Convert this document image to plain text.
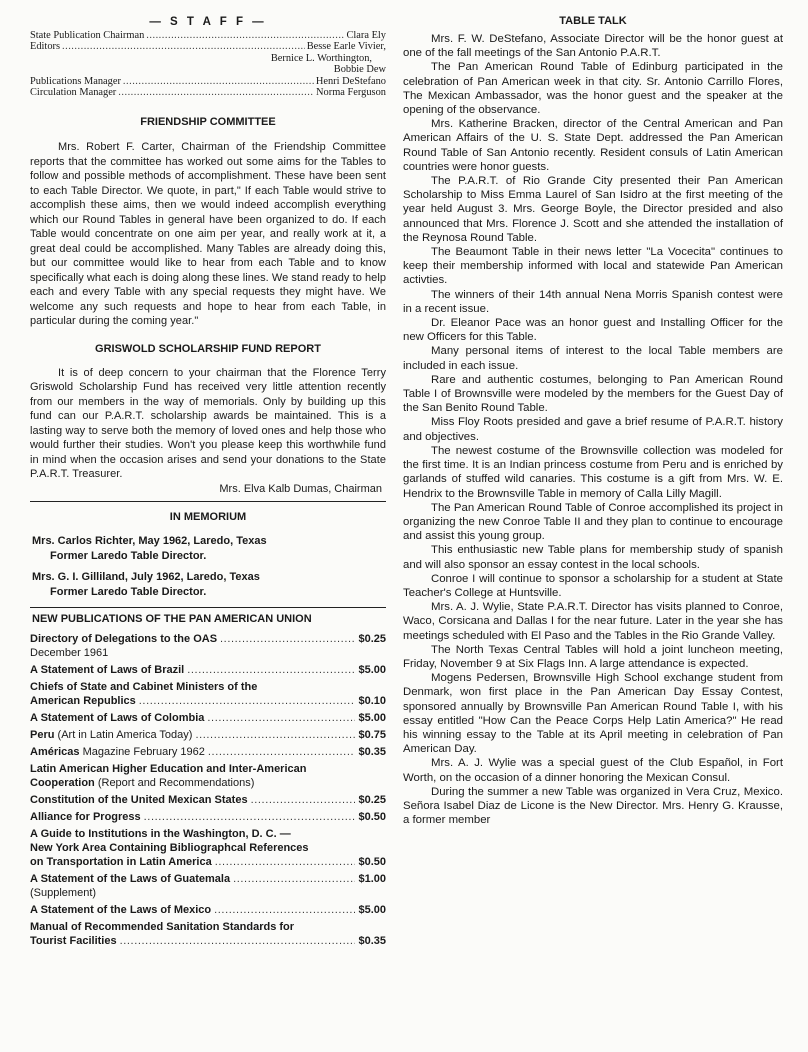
— S T A F F —
State Publication Chairman .....	Clara Ely
Editors .....	Besse Earle Vivier,
Bernice L. Worthington,
Bobbie Dew
Publications Manager .....	Henri DeStefano
Circulation Manager .....	Norma Ferguson
FRIENDSHIP COMMITTEE

Mrs. Robert F. Carter, Chairman of the Friendship Committee reports that the committee has worked out some aims for the Tables to follow and possible methods of accomplishment. These have been sent to each Table Director. We quote, in part," If each Table would strive to accomplish these aims, then we would indeed accomplish everything which our Round Tables in general have been organized to do. If each Table would concentrate on one aim per year, and really work at it, a great deal could be accomplished. Many Tables are already doing this, but our committee would like to hear from each Table and to know specifically what each is doing along these lines. We stand ready to help each and every Table with any special requests they might have. We welcome any such requests and hope to hear from each Table, in particular during the coming year."

GRISWOLD SCHOLARSHIP FUND REPORT

It is of deep concern to your chairman that the Florence Terry Griswold Scholarship Fund has received very little attention recently from our members in the way of memorials. Only by building up this fund can our P.A.R.T. scholarship awards be maintained. This is a lasting way to serve both the memory of loved ones and help those who would further their studies. Won't you please keep this worthwhile fund in mind when the occasion arises and send your donations to the State P.A.R.T. Treasurer.

Mrs. Elva Kalb Dumas, Chairman
IN MEMORIUM
Mrs. Carlos Richter, May 1962, Laredo, Texas
Former Laredo Table Director.
Mrs. G. I. Gilliland, July 1962, Laredo, Texas
Former Laredo Table Director.
NEW PUBLICATIONS OF THE PAN AMERICAN UNION
Directory of Delegations to the OAS .....	$0.25
December 1961
A Statement of Laws of Brazil .....	$5.00
Chiefs of State and Cabinet Ministers of the
American Republics .....	$0.10
A Statement of Laws of Colombia .....	$5.00
Peru (Art in Latin America Today) .....	$0.75
Américas Magazine February 1962 .....	$0.35
Latin American Higher Education and Inter-American
Cooperation (Report and Recommendations)
Constitution of the United Mexican States .....	$0.25
Alliance for Progress .....	$0.50
A Guide to Institutions in the Washington, D. C. —
New York Area Containing Bibliographcal References
on Transportation in Latin America .....	$0.50
A Statement of the Laws of Guatemala .....	$1.00
(Supplement)
A Statement of the Laws of Mexico .....	$5.00
Manual of Recommended Sanitation Standards for
Tourist Facilities .....	$0.35
TABLE TALK

Mrs. F. W. DeStefano, Associate Director will be the honor guest at one of the fall meetings of the San Antonio P.A.R.T.

The Pan American Round Table of Edinburg participated in the celebration of Pan American week in that city. Sr. Antonio Carrillo Flores, The Mexican Ambassador, was the honor guest and the speaker at the opening of the observance.

Mrs. Katherine Bracken, director of the Central American and Pan American Affairs of the U. S. State Dept. addressed the Pan American Round Table of San Antonio recently. Resident consuls of Latin American countries were honor guests.

The P.A.R.T. of Rio Grande City presented their Pan American Scholarship to Miss Emma Laurel of San Isidro at the first meeting of the year held August 3. Mrs. George Boyle, the Director presided and also announced that Mrs. Florence J. Scott and she attended the installation of the Reynosa Round Table.

The Beaumont Table in their news letter "La Vocecita" continues to keep their membership informed with local and statewide Pan American activties.

The winners of their 14th annual Nena Morris Spanish contest were in a recent issue.

Dr. Eleanor Pace was an honor guest and Installing Officer for the new Officers for this Table.

Many personal items of interest to the local Table members are included in each issue.

Rare and authentic costumes, belonging to Pan American Round Table I of Brownsville were modeled by the members for the Guest Day of the San Benito Round Table.

Miss Floy Roots presided and gave a brief resume of P.A.R.T. history and objectives.

The newest costume of the Brownsville collection was modeled for the first time. It is an Indian princess costume from Peru and is enriched by garlands of stuffed wild canaries. This costume is a gift from Mrs. W. E. Hendrix to the Brownsville Table in memory of Calla Lilly Magill.

The Pan American Round Table of Conroe accomplished its project in organizing the new Conroe Table II and they plan to continue to encourage and assist this young group.

This enthusiastic new Table plans for membership study of spanish and will also sponsor an essay contest in the local schools.

Conroe I will continue to sponsor a scholarship for a student at State Teacher's College at Huntsville.

Mrs. A. J. Wylie, State P.A.R.T. Director has visits planned to Conroe, Waco, Corsicana and Dallas I for the near future. Later in the year she has meetings scheduled with El Paso and the Tables in the Rio Grande Valley.

The North Texas Central Tables will hold a joint luncheon meeting, Friday, November 9 at Six Flags Inn. A large attendance is expected.

Mogens Pedersen, Brownsville High School exchange student from Denmark, won first place in the Pan American Day Essay Contest, sponsored annually by Brownsville Pan American Round Table I, with his essay entitled "How Can the Peace Corps Help Latin America?" He read his winning essay to the Table at its April meeting in celebration of Pan American Day.

Mrs. A. J. Wylie was a special guest of the Club Español, in Fort Worth, on the occasion of a dinner honoring the Mexican Consul.

During the summer a new Table was organized in Vera Cruz, Mexico. Señora Isabel Diaz de Licone is the New Director. Mrs. Henry G. Krausse, a former member
